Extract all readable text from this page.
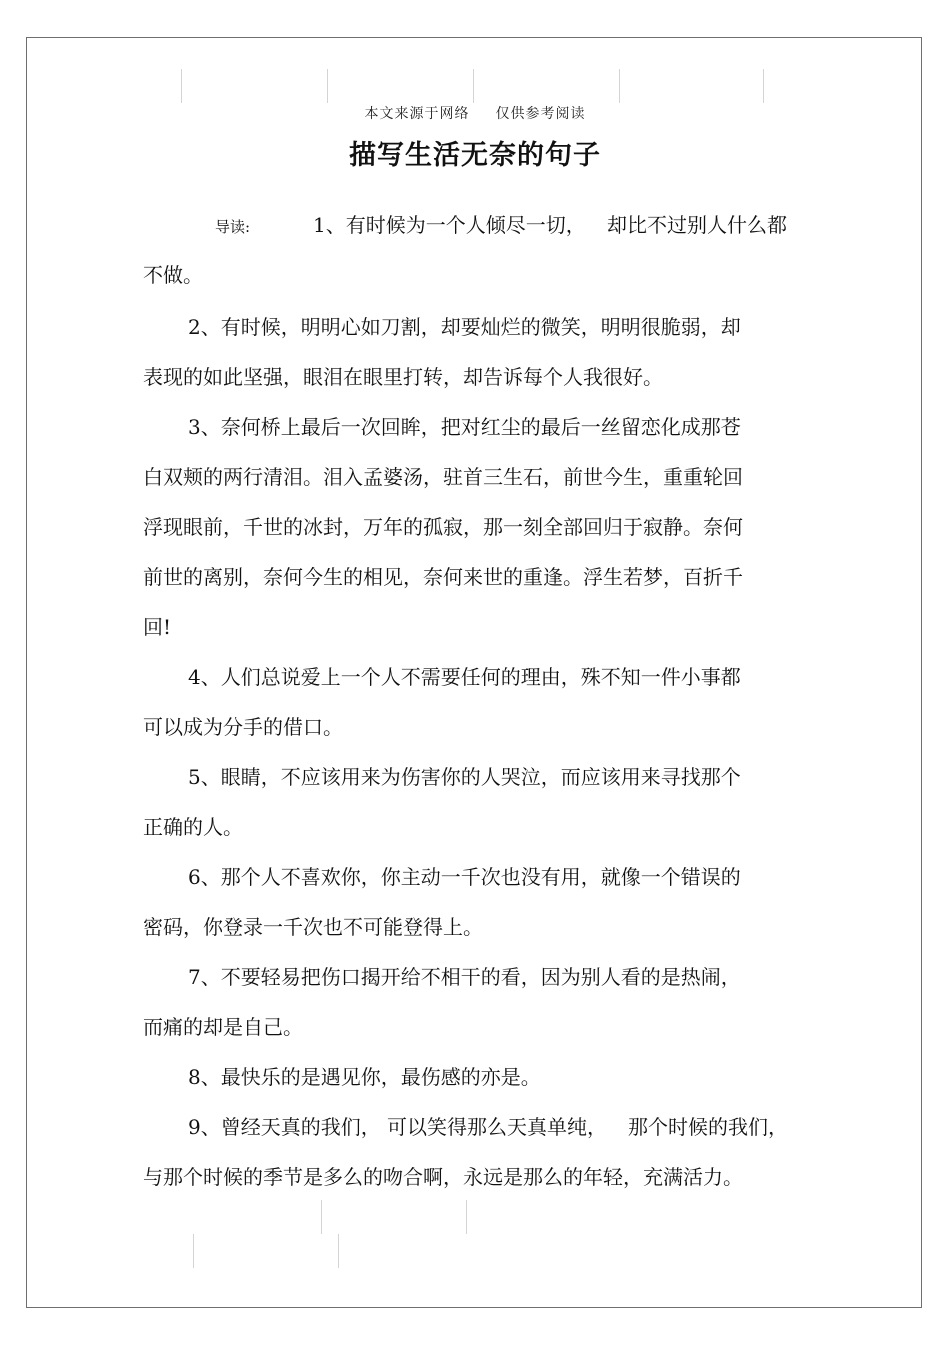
本文来源于网络 仅供参考阅读
描写生活无奈的句子
导读:	1、有时候为一个人倾尽一切， 却比不过别人什么都
不做。
2、有时候，明明心如刀割，却要灿烂的微笑，明明很脆弱，却
表现的如此坚强，眼泪在眼里打转，却告诉每个人我很好。
3、奈何桥上最后一次回眸，把对红尘的最后一丝留恋化成那苍
白双颊的两行清泪。泪入孟婆汤，驻首三生石，前世今生，重重轮回
浮现眼前，千世的冰封，万年的孤寂，那一刻全部回归于寂静。奈何
前世的离别，奈何今生的相见，奈何来世的重逢。浮生若梦，百折千
回!
4、人们总说爱上一个人不需要任何的理由，殊不知一件小事都
可以成为分手的借口。
5、眼睛，不应该用来为伤害你的人哭泣，而应该用来寻找那个
正确的人。
6、那个人不喜欢你，你主动一千次也没有用，就像一个错误的
密码，你登录一千次也不可能登得上。
7、不要轻易把伤口揭开给不相干的看，因为别人看的是热闹，
而痛的却是自己。
8、最快乐的是遇见你，最伤感的亦是。
9、曾经天真的我们， 可以笑得那么天真单纯， 那个时候的我们，
与那个时候的季节是多么的吻合啊，永远是那么的年轻，充满活力。
